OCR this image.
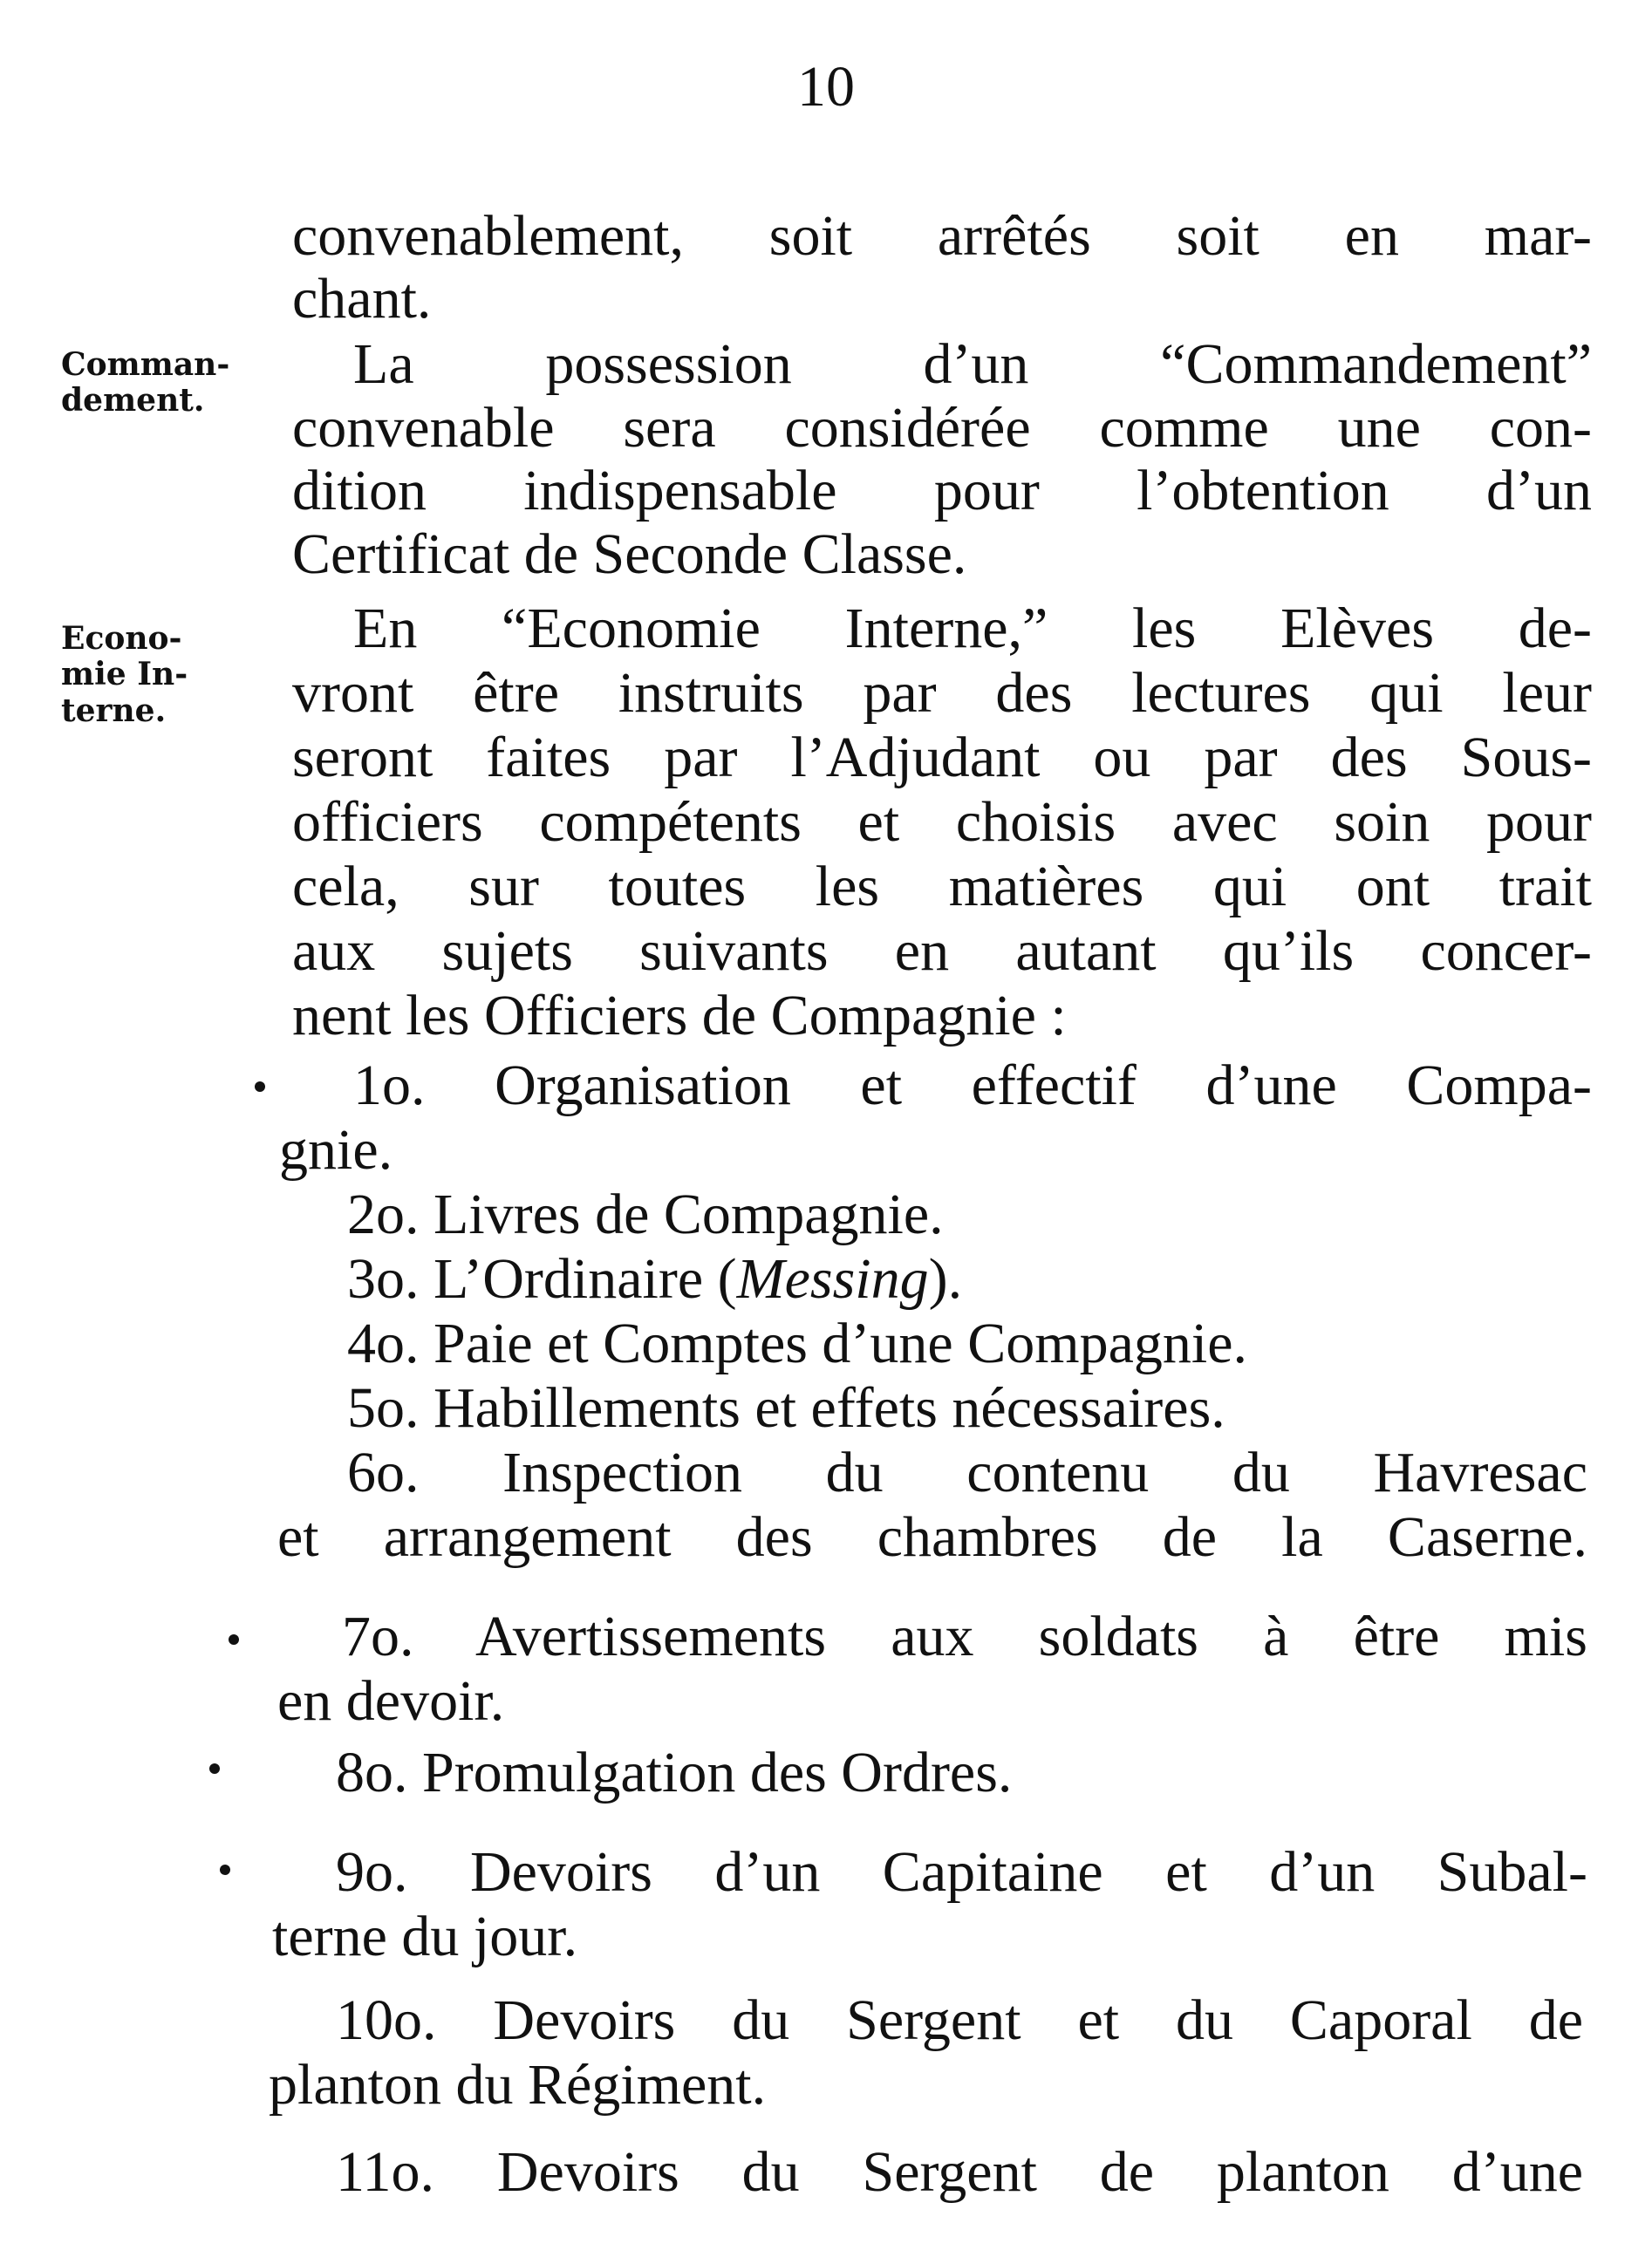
10
Comman-
dement.
Econo-
mie In-
terne.
convenablement, soit arrêtés soit en mar-
chant.
La possession d’un “Commandement”
convenable sera considérée comme une con-
dition indispensable pour l’obtention d’un
Certificat de Seconde Classe.
En “Economie Interne,” les Elèves de-
vront être instruits par des lectures qui leur
seront faites par l’Adjudant ou par des Sous-
officiers compétents et choisis avec soin pour
cela, sur toutes les matières qui ont trait
aux sujets suivants en autant qu’ils concer-
nent les Officiers de Compagnie :
1o. Organisation et effectif d’une Compa-
gnie.
2o. Livres de Compagnie.
3o. L’Ordinaire (Messing).
4o. Paie et Comptes d’une Compagnie.
5o. Habillements et effets nécessaires.
6o. Inspection du contenu du Havresac
et arrangement des chambres de la Caserne.
7o. Avertissements aux soldats à être mis
en devoir.
8o. Promulgation des Ordres.
9o. Devoirs d’un Capitaine et d’un Subal-
terne du jour.
10o. Devoirs du Sergent et du Caporal de
planton du Régiment.
11o. Devoirs du Sergent de planton d’une
